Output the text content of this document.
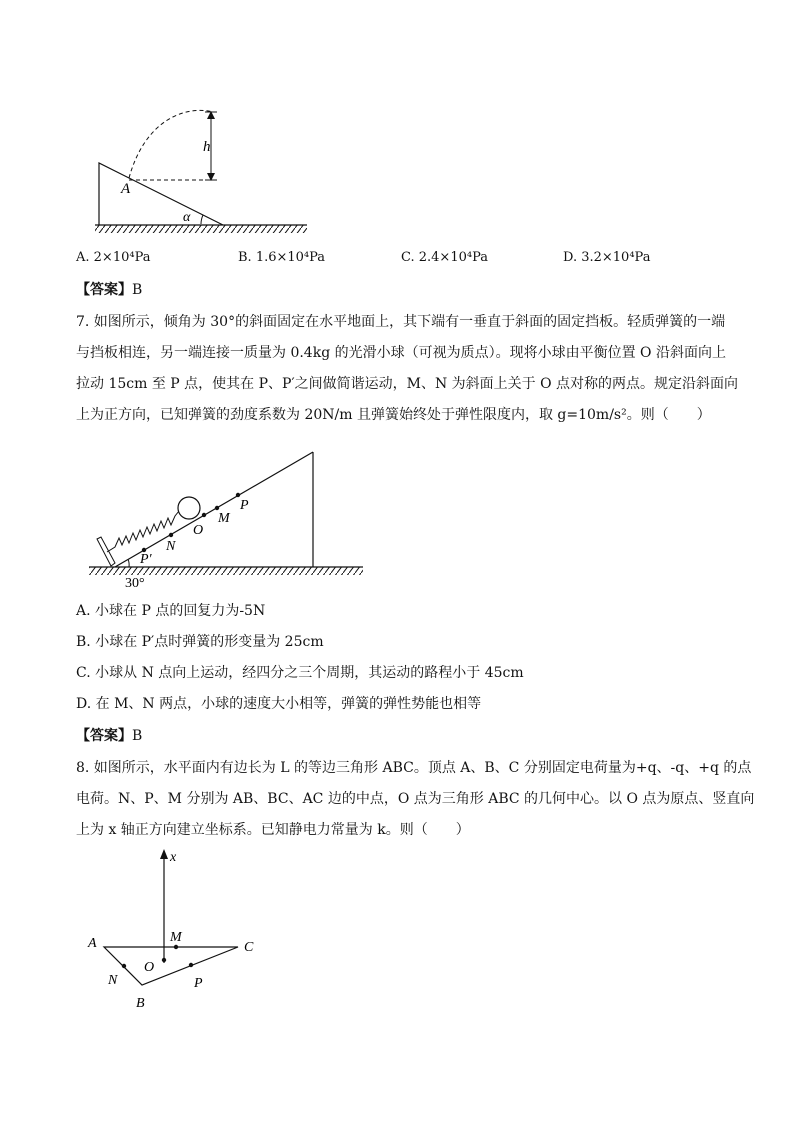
h
A
α
A. 2×10⁴Pa	B. 1.6×10⁴Pa	C. 2.4×10⁴Pa	D. 3.2×10⁴Pa
【答案】B
7. 如图所示，倾角为 30°的斜面固定在水平地面上，其下端有一垂直于斜面的固定挡板。轻质弹簧的一端
与挡板相连，另一端连接一质量为 0.4kg 的光滑小球（可视为质点）。现将小球由平衡位置 O 沿斜面向上
拉动 15cm 至 P 点，使其在 P、P′之间做简谐运动，M、N 为斜面上关于 O 点对称的两点。规定沿斜面向
上为正方向，已知弹簧的劲度系数为 20N/m 且弹簧始终处于弹性限度内，取 g=10m/s²。则（　　）
P
M
O
N
P′
30°
A. 小球在 P 点的回复力为-5N
B. 小球在 P′点时弹簧的形变量为 25cm
C. 小球从 N 点向上运动，经四分之三个周期，其运动的路程小于 45cm
D. 在 M、N 两点，小球的速度大小相等，弹簧的弹性势能也相等
【答案】B
8. 如图所示，水平面内有边长为 L 的等边三角形 ABC。顶点 A、B、C 分别固定电荷量为+q、-q、+q 的点
电荷。N、P、M 分别为 AB、BC、AC 边的中点，O 点为三角形 ABC 的几何中心。以 O 点为原点、竖直向
上为 x 轴正方向建立坐标系。已知静电力常量为 k。则（　　）
x
A	M
C
O
N	P
B
